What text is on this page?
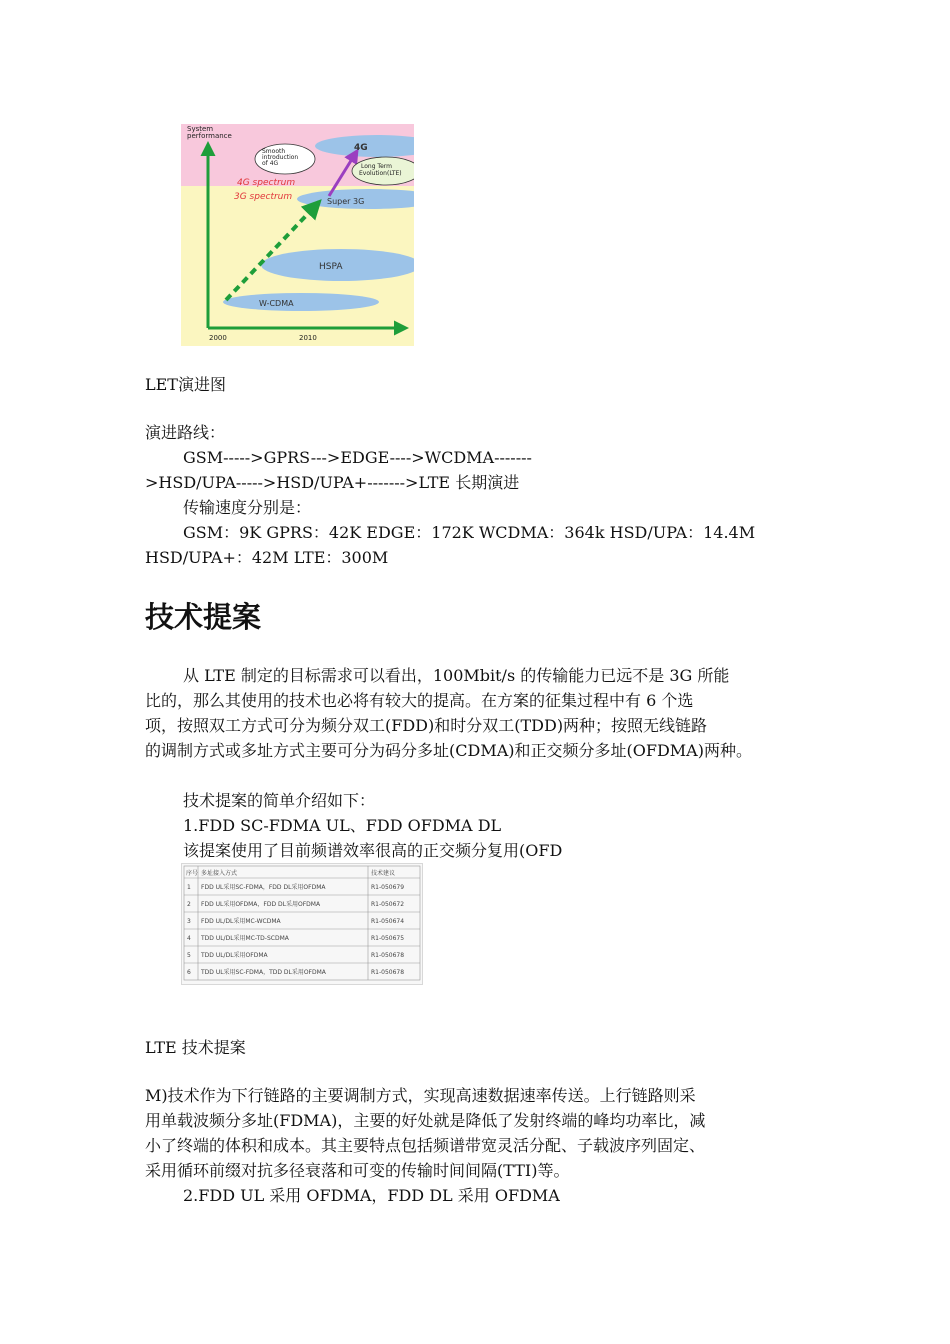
System performance
4G spectrum
3G spectrum
Smooth introduction of 4G	Long Term Evolution(LTE)
4G
Super 3G
HSPA
W-CDMA
2000	2010
LET演进图
演进路线：
GSM----->GPRS--->EDGE---->WCDMA-------
>HSD/UPA----->HSD/UPA+------->LTE 长期演进
传输速度分别是：
GSM：9K GPRS：42K EDGE：172K WCDMA：364k HSD/UPA：14.4M
HSD/UPA+：42M LTE：300M
技术提案
从 LTE 制定的目标需求可以看出，100Mbit/s 的传输能力已远不是 3G 所能
比的，那么其使用的技术也必将有较大的提高。在方案的征集过程中有 6 个选
项，按照双工方式可分为频分双工(FDD)和时分双工(TDD)两种；按照无线链路
的调制方式或多址方式主要可分为码分多址(CDMA)和正交频分多址(OFDMA)两种。
技术提案的简单介绍如下：
1.FDD SC-FDMA UL、FDD OFDMA DL
该提案使用了目前频谱效率很高的正交频分复用(OFD
序号 多址接入方式	技术建议
1 FDD UL采用SC-FDMA，FDD DL采用OFDMA	R1-050679
2 FDD UL采用OFDMA，FDD DL采用OFDMA	R1-050672
3 FDD UL/DL采用MC-WCDMA	R1-050674
4 TDD UL/DL采用MC-TD-SCDMA	R1-050675
5 TDD UL/DL采用OFDMA	R1-050678
6 TDD UL采用SC-FDMA，TDD DL采用OFDMA	R1-050678
LTE 技术提案
M)技术作为下行链路的主要调制方式，实现高速数据速率传送。上行链路则采
用单载波频分多址(FDMA)，主要的好处就是降低了发射终端的峰均功率比，减
小了终端的体积和成本。其主要特点包括频谱带宽灵活分配、子载波序列固定、
采用循环前缀对抗多径衰落和可变的传输时间间隔(TTI)等。
2.FDD UL 采用 OFDMA，FDD DL 采用 OFDMA
